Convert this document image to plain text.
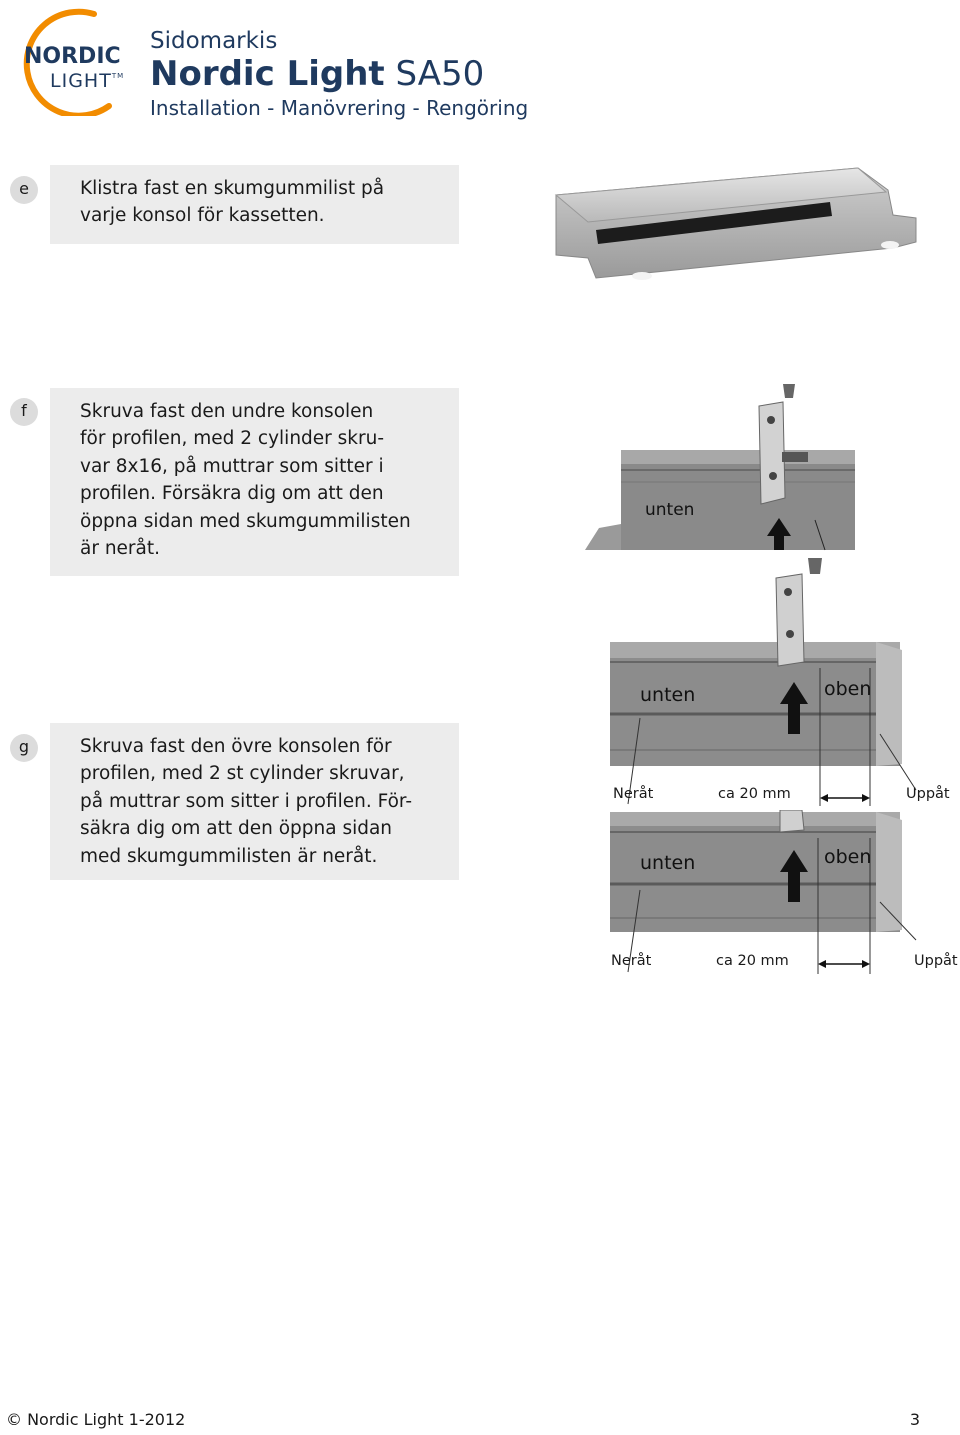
NORDIC
LIGHT™
Sidomarkis
Nordic Light SA50
Installation - Manövrering - Rengöring
e	Klistra fast en skumgummilist på
varje konsol för kassetten.
f	Skruva fast den undre konsolen
för profilen, med 2 cylinder skru-
var 8x16, på muttrar som sitter i
profilen. Försäkra dig om att den
öppna sidan med skumgummilisten
är neråt.
unten
g	Skruva fast den övre konsolen för
profilen, med 2 st cylinder skruvar,
på muttrar som sitter i profilen. För-
säkra dig om att den öppna sidan
med skumgummilisten är neråt.
unten	oben
Neråt	ca 20 mm	Uppåt
unten	oben
Neråt	ca 20 mm	Uppåt
© Nordic Light 1-2012	3
